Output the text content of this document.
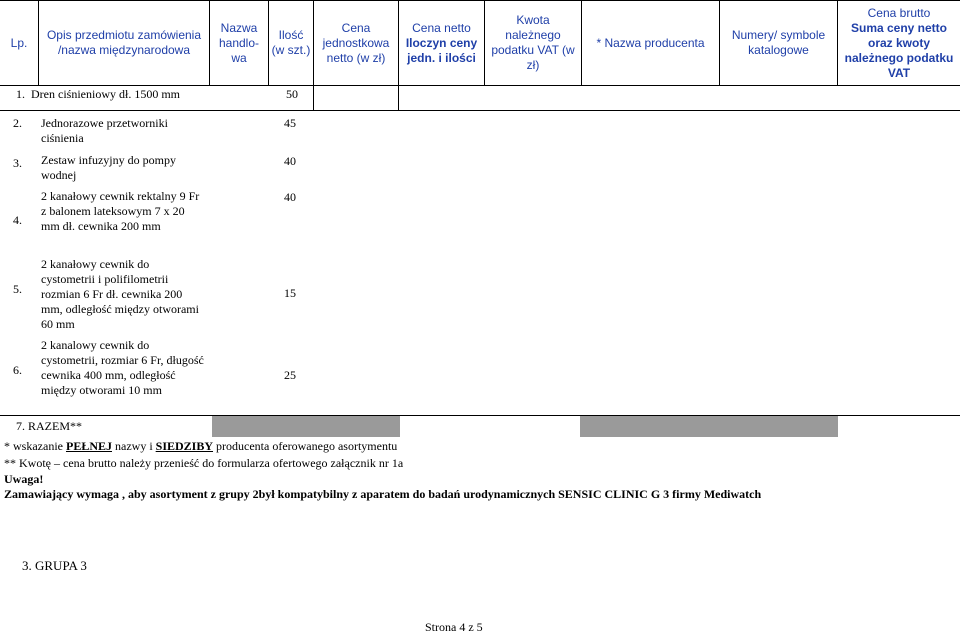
Lp.
Opis przedmiotu zamówienia /nazwa międzynarodowa
Nazwa handlo-wa
Ilość (w szt.)
Cena jednostkowa netto (w zł)
Cena netto
Iloczyn ceny jedn. i ilości
Kwota należnego podatku VAT (w zł)
* Nazwa producenta
Numery/ symbole katalogowe
Cena brutto
Suma ceny netto oraz kwoty należnego podatku VAT
1. Dren ciśnieniowy dł. 1500 mm	50
2. Jednorazowe przetworniki ciśnienia
45
3. Zestaw infuzyjny do pompy wodnej
40
4.
2 kanałowy cewnik rektalny 9 Fr z balonem lateksowym 7 x 20 mm dł. cewnika 200 mm
40
5.
2 kanałowy cewnik do cystometrii i polifilometrii rozmian 6 Fr dł. cewnika 200 mm, odległość między otworami 60 mm
15
6.
2 kanalowy cewnik do cystometrii, rozmiar 6 Fr, długość cewnika 400 mm, odległość między otworami 10 mm
25
7. RAZEM**
* wskazanie PEŁNEJ nazwy i SIEDZIBY producenta oferowanego asortymentu
** Kwotę – cena brutto należy przenieść do formularza ofertowego załącznik nr 1a
Uwaga!
Zamawiający wymaga , aby asortyment z grupy 2był kompatybilny z aparatem do badań urodynamicznych SENSIC CLINIC G 3 firmy Mediwatch
3. GRUPA 3
Strona 4 z 5
